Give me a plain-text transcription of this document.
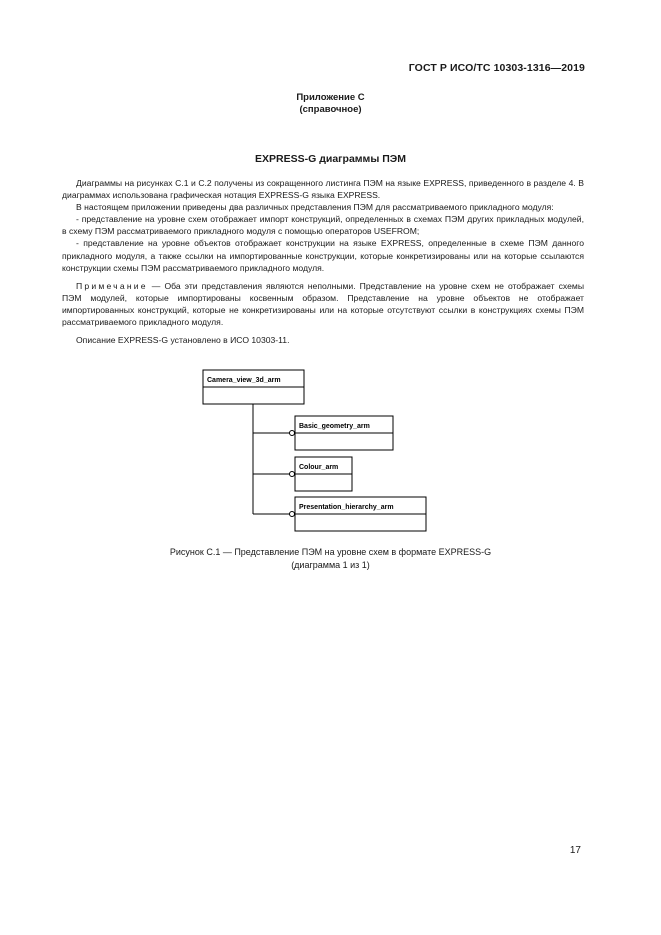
ГОСТ Р ИСО/ТС 10303-1316—2019
Приложение С
(справочное)
EXPRESS-G диаграммы ПЭМ

Диаграммы на рисунках С.1 и С.2 получены из сокращенного листинга ПЭМ на языке EXPRESS, приведенного в разделе 4. В диаграммах использована графическая нотация EXPRESS-G языка EXPRESS.

В настоящем приложении приведены два различных представления ПЭМ для рассматриваемого прикладного модуля:

- представление на уровне схем отображает импорт конструкций, определенных в схемах ПЭМ других прикладных модулей, в схему ПЭМ рассматриваемого прикладного модуля с помощью операторов USEFROM;

- представление на уровне объектов отображает конструкции на языке EXPRESS, определенные в схеме ПЭМ данного прикладного модуля, а также ссылки на импортированные конструкции, которые конкретизированы или на которые ссылаются конструкции схемы ПЭМ рассматриваемого прикладного модуля.

Примечание — Оба эти представления являются неполными. Представление на уровне схем не отображает схемы ПЭМ модулей, которые импортированы косвенным образом. Представление на уровне объектов не отображает импортированных конструкций, которые не конкретизированы или на которые отсутствуют ссылки в конструкциях схемы ПЭМ рассматриваемого прикладного модуля.

Описание EXPRESS-G установлено в ИСО 10303-11.

Camera_view_3d_arm
Basic_geometry_arm
Colour_arm
Presentation_hierarchy_arm
Рисунок С.1 — Представление ПЭМ на уровне схем в формате EXPRESS-G
(диаграмма 1 из 1)
17
